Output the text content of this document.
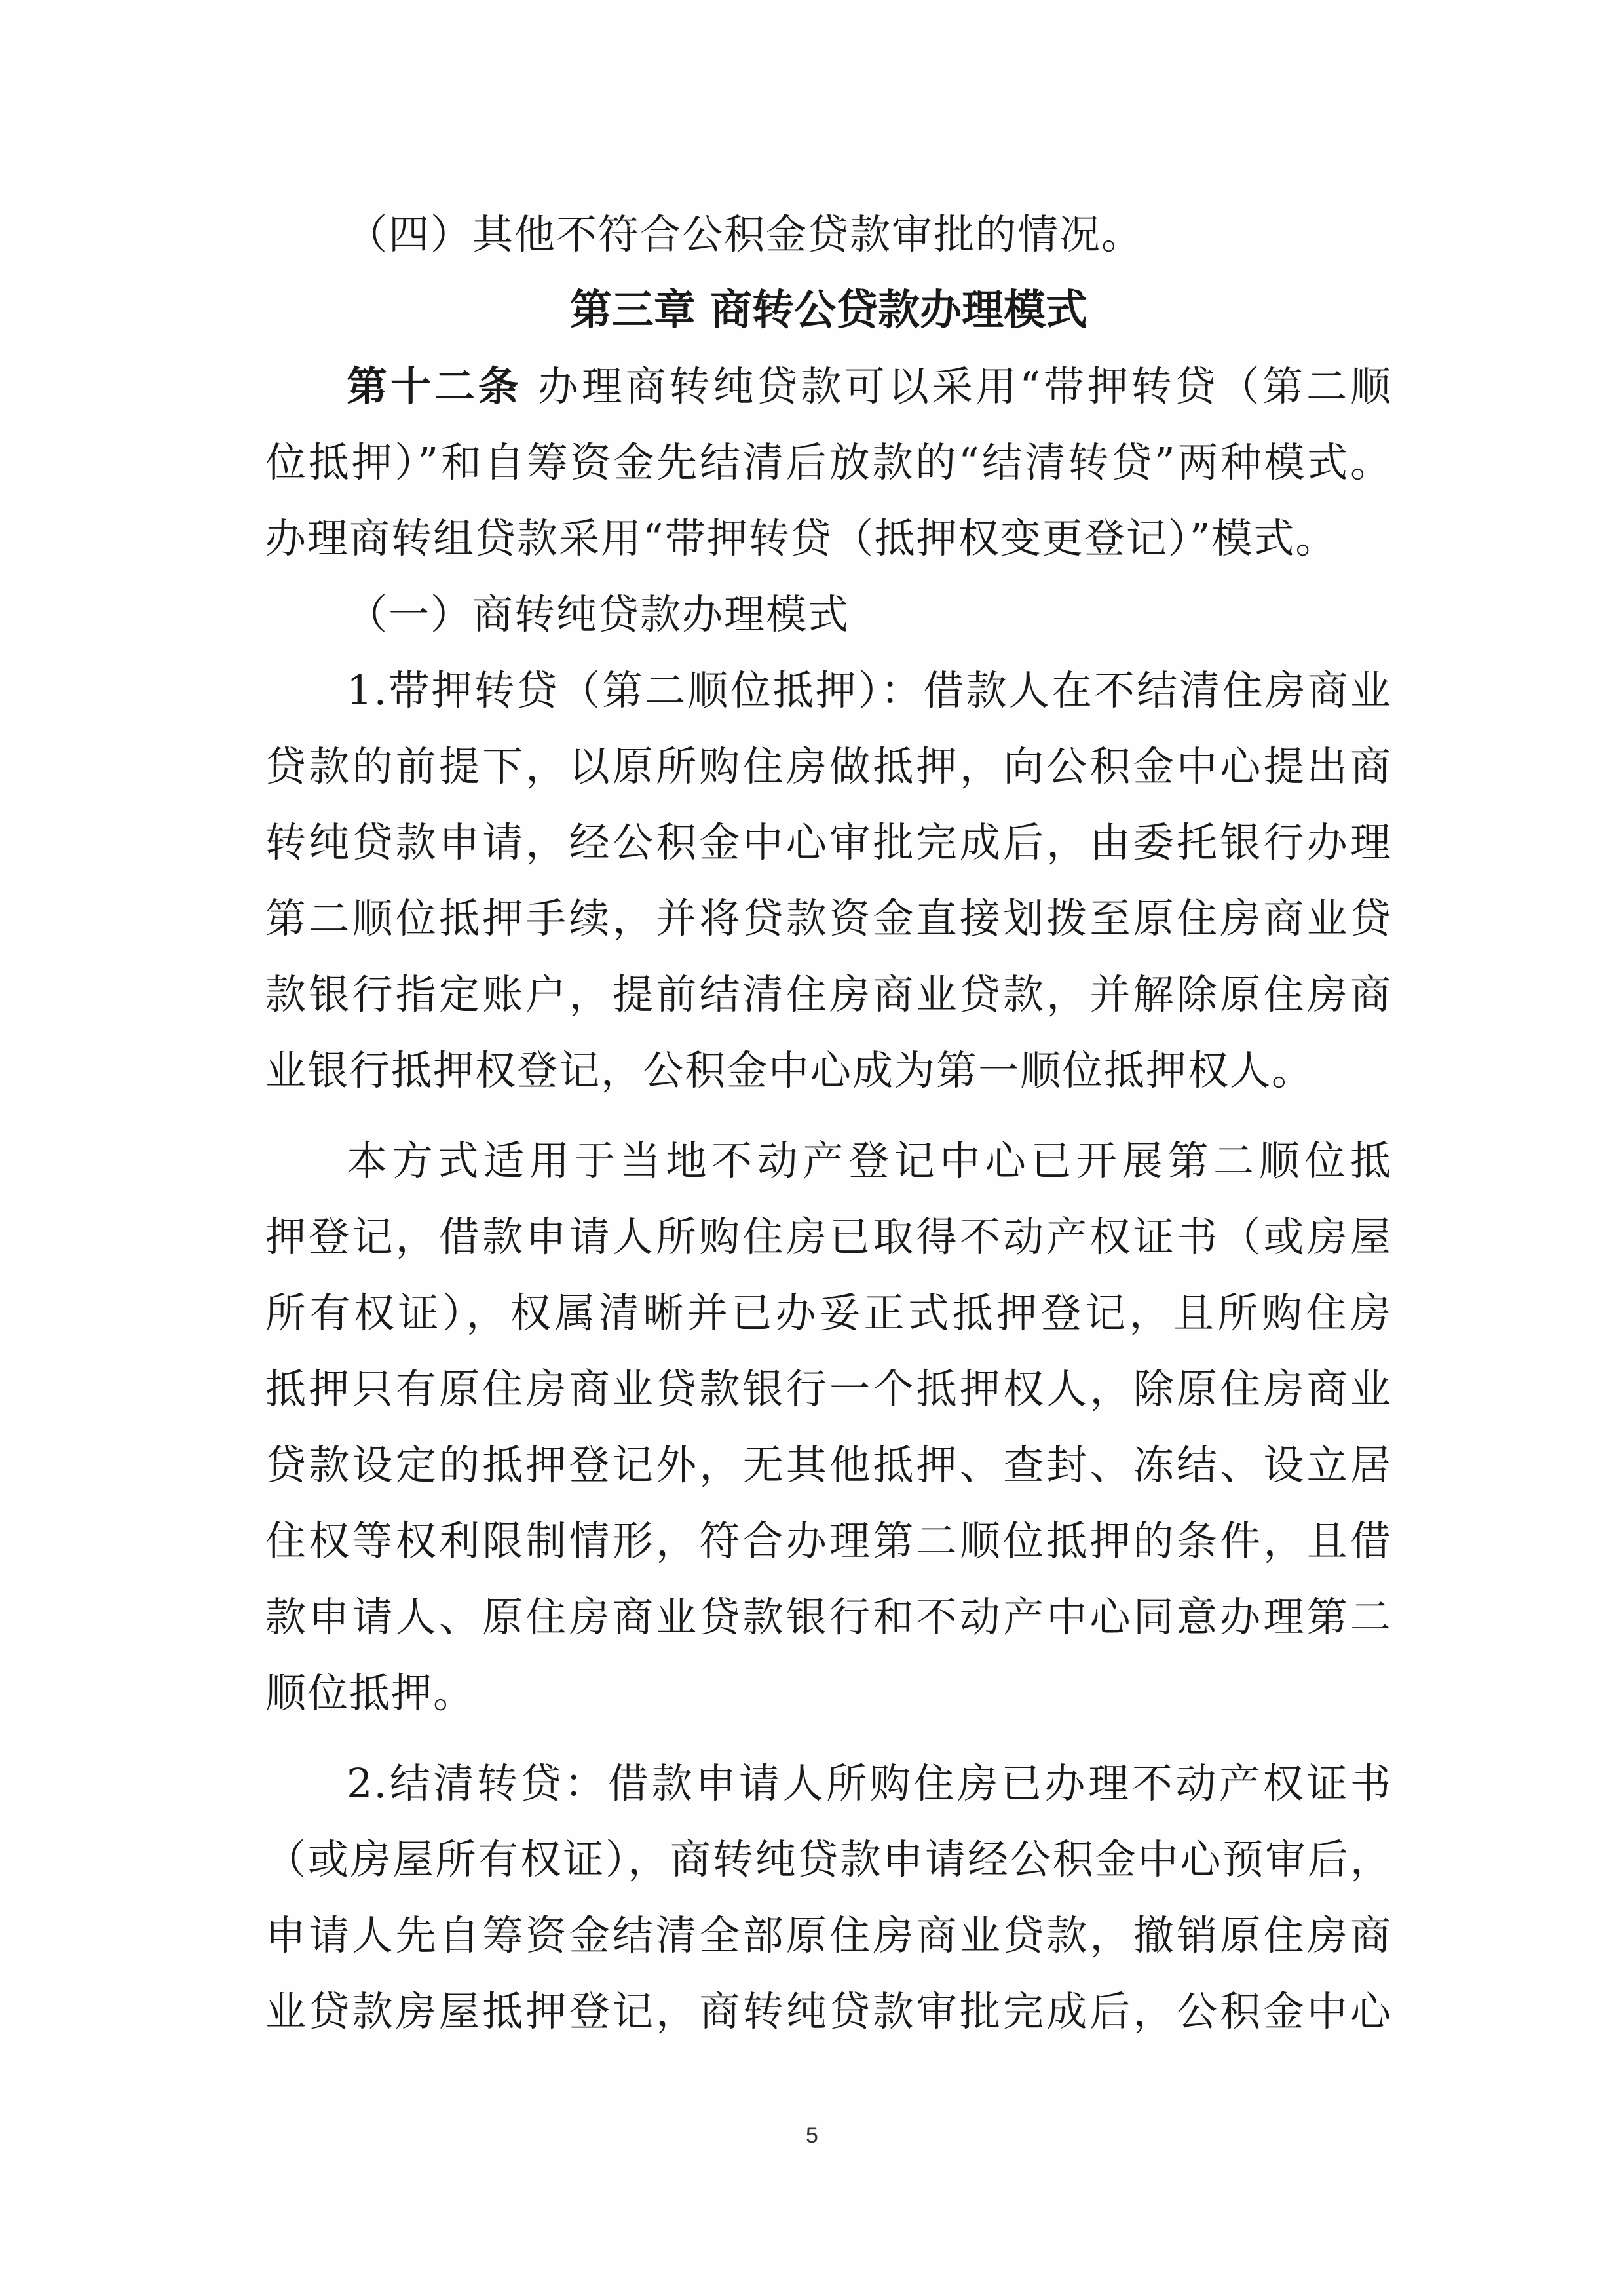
（四）其他不符合公积金贷款审批的情况。
第三章 商转公贷款办理模式
第十二条 办理商转纯贷款可以采用“带押转贷（第二顺
位抵押）”和自筹资金先结清后放款的“结清转贷”两种模式。
办理商转组贷款采用“带押转贷（抵押权变更登记）”模式。
（一）商转纯贷款办理模式
1.带押转贷（第二顺位抵押）：借款人在不结清住房商业
贷款的前提下，以原所购住房做抵押，向公积金中心提出商
转纯贷款申请，经公积金中心审批完成后，由委托银行办理
第二顺位抵押手续，并将贷款资金直接划拨至原住房商业贷
款银行指定账户，提前结清住房商业贷款，并解除原住房商
业银行抵押权登记，公积金中心成为第一顺位抵押权人。
本方式适用于当地不动产登记中心已开展第二顺位抵
押登记，借款申请人所购住房已取得不动产权证书（或房屋
所有权证），权属清晰并已办妥正式抵押登记，且所购住房
抵押只有原住房商业贷款银行一个抵押权人，除原住房商业
贷款设定的抵押登记外，无其他抵押、查封、冻结、设立居
住权等权利限制情形，符合办理第二顺位抵押的条件，且借
款申请人、原住房商业贷款银行和不动产中心同意办理第二
顺位抵押。
2.结清转贷：借款申请人所购住房已办理不动产权证书
（或房屋所有权证），商转纯贷款申请经公积金中心预审后，
申请人先自筹资金结清全部原住房商业贷款，撤销原住房商
业贷款房屋抵押登记，商转纯贷款审批完成后，公积金中心
5
